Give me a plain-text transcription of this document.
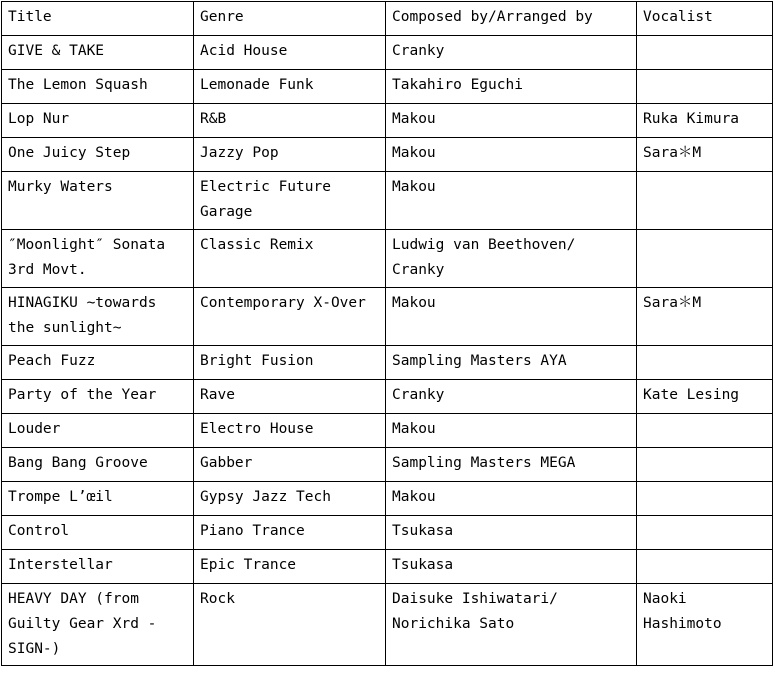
Title	Genre	Composed by/Arranged by	Vocalist
GIVE & TAKE	Acid House	Cranky	
The Lemon Squash	Lemonade Funk	Takahiro Eguchi	
Lop Nur	R&B	Makou	Ruka Kimura
One Juicy Step	Jazzy Pop	Makou	Sara＊M
Murky Waters	Electric Future Garage	Makou	
″Moonlight″ Sonata 3rd Movt.	Classic Remix	Ludwig van Beethoven/ Cranky	
HINAGIKU ~towards the sunlight~	Contemporary X-Over	Makou	Sara＊M
Peach Fuzz	Bright Fusion	Sampling Masters AYA	
Party of the Year	Rave	Cranky	Kate Lesing
Louder	Electro House	Makou	
Bang Bang Groove	Gabber	Sampling Masters MEGA	
Trompe L’œil	Gypsy Jazz Tech	Makou	
Control	Piano Trance	Tsukasa	
Interstellar	Epic Trance	Tsukasa	
HEAVY DAY (from Guilty Gear Xrd -SIGN-)	Rock	Daisuke Ishiwatari/ Norichika Sato	Naoki Hashimoto
